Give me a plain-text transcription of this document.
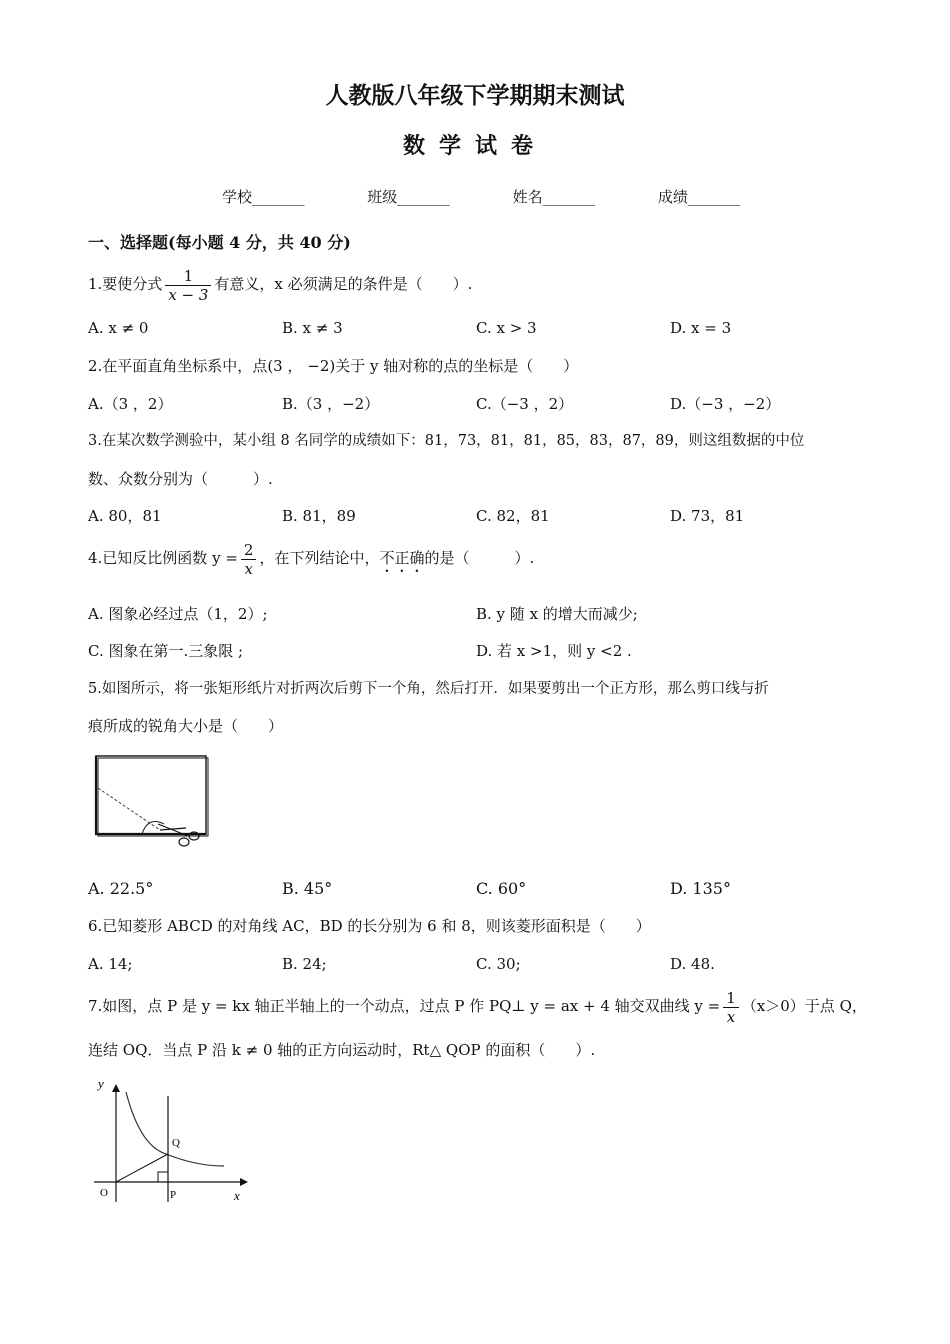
人教版八年级下学期期末测试
数学试卷
学校_______	班级_______	姓名_______	成绩_______
一、选择题(每小题 4 分，共 40 分)
1.要使分式 $\frac{1}{x - 3}$ 有意义，x 必须满足的条件是（　　）.
A. x ≠ 0	B. x ≠ 3	C. x > 3	D. x = 3
2.在平面直角坐标系中，点(3 ， −2)关于 y 轴对称的点的坐标是（　　）
A.（3 ，2）	B.（3 ，−2）	C.（−3 ，2）	D.（−3 ，−2）
3.在某次数学测验中，某小组 8 名同学的成绩如下：81，73，81，81，85，83，87，89，则这组数据的中位
数、众数分别为（　　　）.
A. 80，81	B. 81，89	C. 82，81	D. 73，81
4.已知反比例函数 $y = \frac{2}{x}$ ，在下列结论中，不正确的是（　　　）.
A. 图象必经过点（1，2）;	B. y 随 x 的增大而减少;
C. 图象在第一.三象限 ;	D. 若 x >1，则 y <2 .
5.如图所示，将一张矩形纸片对折两次后剪下一个角，然后打开．如果要剪出一个正方形，那么剪口线与折
痕所成的锐角大小是（　　）
A. 22.5°	B. 45°	C. 60°	D. 135°
6.已知菱形 ABCD 的对角线 AC，BD 的长分别为 6 和 8，则该菱形面积是（　　）
A. 14;	B. 24;	C. 30;	D. 48.
7.如图，点 P 是 y = kx 轴正半轴上的一个动点，过点 P 作 PQ⊥ y = ax + 4 轴交双曲线 $y = \frac{1}{x} (x>0)$于点 Q，
连结 OQ．当点 P 沿 k ≠ 0 轴的正方向运动时，Rt△ QOP 的面积（　　）.
y
x
O	P
Q
